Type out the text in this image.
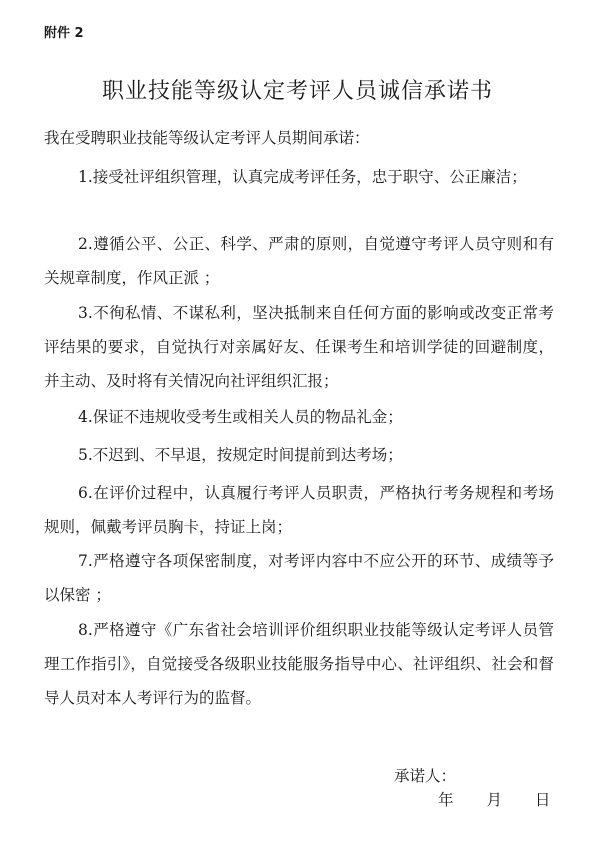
附件 2
职业技能等级认定考评人员诚信承诺书
我在受聘职业技能等级认定考评人员期间承诺：
1.接受社评组织管理，认真完成考评任务，忠于职守、公正廉洁；
2.遵循公平、公正、科学、严肃的原则，自觉遵守考评人员守则和有关规章制度，作风正派 ；
3.不徇私情、不谋私利，坚决抵制来自任何方面的影响或改变正常考评结果的要求，自觉执行对亲属好友、任课考生和培训学徒的回避制度，并主动、及时将有关情况向社评组织汇报；
4.保证不违规收受考生或相关人员的物品礼金；
5.不迟到、不早退，按规定时间提前到达考场；
6.在评价过程中，认真履行考评人员职责，严格执行考务规程和考场规则，佩戴考评员胸卡，持证上岗；
7.严格遵守各项保密制度，对考评内容中不应公开的环节、成绩等予以保密 ；
8.严格遵守《广东省社会培训评价组织职业技能等级认定考评人员管理工作指引》，自觉接受各级职业技能服务指导中心、社评组织、社会和督导人员对本人考评行为的监督。
承诺人：
年 月 日
